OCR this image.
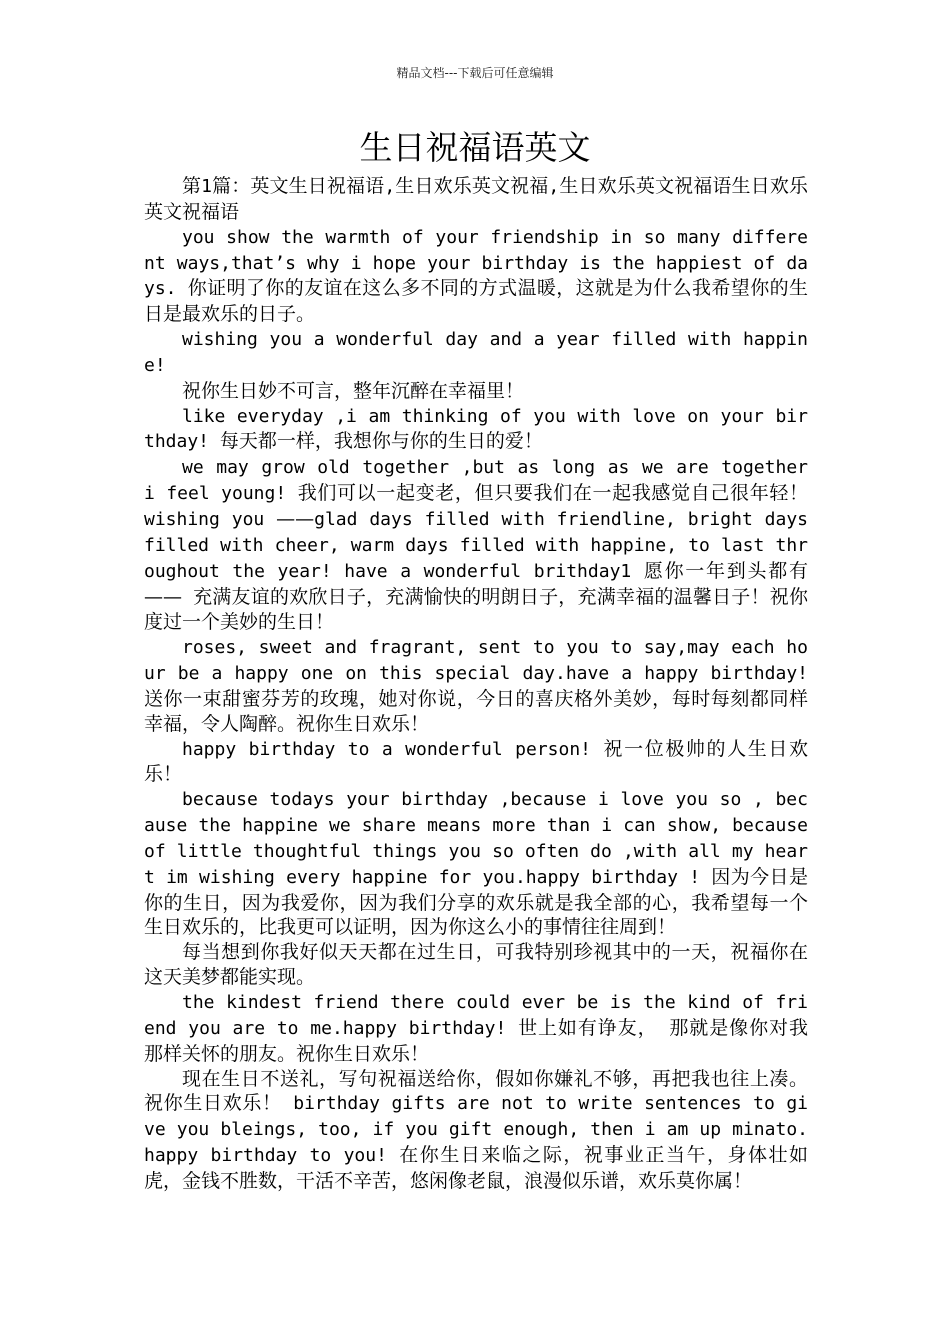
精品文档---下载后可任意编辑
生日祝福语英文

第1篇：英文生日祝福语,生日欢乐英文祝福,生日欢乐英文祝福语生日欢乐英文祝福语

you show the warmth of your friendship in so many different ways,that’s why i hope your birthday is the happiest of days. 你证明了你的友谊在这么多不同的方式温暖，这就是为什么我希望你的生日是最欢乐的日子。

wishing you a wonderful day and a year filled with happine!

祝你生日妙不可言，整年沉醉在幸福里！

like everyday ,i am thinking of you with love on your birthday! 每天都一样，我想你与你的生日的爱！

we may grow old together ,but as long as we are together i feel young! 我们可以一起变老，但只要我们在一起我感觉自己很年轻！ wishing you ——glad days filled with friendline, bright days filled with cheer, warm days filled with happine, to last throughout the year! have a wonderful brithday1 愿你一年到头都有—— 充满友谊的欢欣日子，充满愉快的明朗日子，充满幸福的温馨日子！祝你度过一个美妙的生日！

roses, sweet and fragrant, sent to you to say,may each hour be a happy one on this special day.have a happy birthday! 送你一束甜蜜芬芳的玫瑰，她对你说，今日的喜庆格外美妙，每时每刻都同样幸福，令人陶醉。祝你生日欢乐！

happy birthday to a wonderful person! 祝一位极帅的人生日欢乐！

because todays your birthday ,because i love you so , because the happine we share means more than i can show, because of little thoughtful things you so often do ,with all my heart im wishing every happine for you.happy birthday ! 因为今日是你的生日，因为我爱你，因为我们分享的欢乐就是我全部的心，我希望每一个生日欢乐的，比我更可以证明，因为你这么小的事情往往周到！

每当想到你我好似天天都在过生日，可我特别珍视其中的一天，祝福你在这天美梦都能实现。

the kindest friend there could ever be is the kind of friend you are to me.happy birthday! 世上如有诤友， 那就是像你对我那样关怀的朋友。祝你生日欢乐！

现在生日不送礼，写句祝福送给你，假如你嫌礼不够，再把我也往上凑。祝你生日欢乐！ birthday gifts are not to write sentences to give you bleings, too, if you gift enough, then i am up minato.happy birthday to you! 在你生日来临之际，祝事业正当午，身体壮如虎，金钱不胜数，干活不辛苦，悠闲像老鼠，浪漫似乐谱，欢乐莫你属！
